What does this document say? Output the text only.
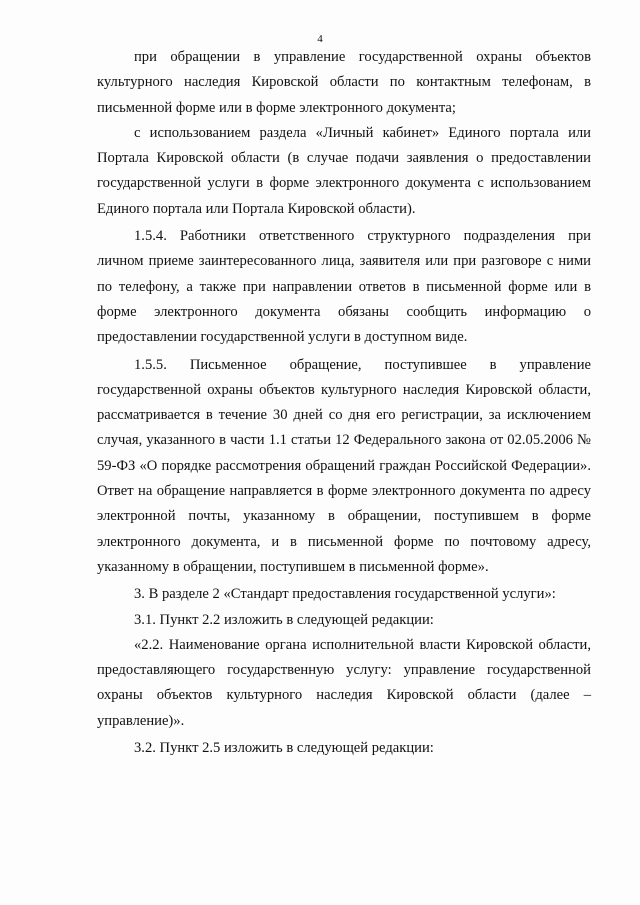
4

при обращении в управление государственной охраны объектов культурного наследия Кировской области по контактным телефонам, в письменной форме или в форме электронного документа;

с использованием раздела «Личный кабинет» Единого портала или Портала Кировской области (в случае подачи заявления о предоставлении государственной услуги в форме электронного документа с использованием Единого портала или Портала Кировской области).

1.5.4. Работники ответственного структурного подразделения при личном приеме заинтересованного лица, заявителя или при разговоре с ними по телефону, а также при направлении ответов в письменной форме или в форме электронного документа обязаны сообщить информацию о предоставлении государственной услуги в доступном виде.

1.5.5. Письменное обращение, поступившее в управление государственной охраны объектов культурного наследия Кировской области, рассматривается в течение 30 дней со дня его регистрации, за исключением случая, указанного в части 1.1 статьи 12 Федерального закона от 02.05.2006 № 59-ФЗ «О порядке рассмотрения обращений граждан Российской Федерации». Ответ на обращение направляется в форме электронного документа по адресу электронной почты, указанному в обращении, поступившем в форме электронного документа, и в письменной форме по почтовому адресу, указанному в обращении, поступившем в письменной форме».

3. В разделе 2 «Стандарт предоставления государственной услуги»:

3.1. Пункт 2.2 изложить в следующей редакции:

«2.2. Наименование органа исполнительной власти Кировской области, предоставляющего государственную услугу: управление государственной охраны объектов культурного наследия Кировской области (далее – управление)».

3.2. Пункт 2.5 изложить в следующей редакции:
